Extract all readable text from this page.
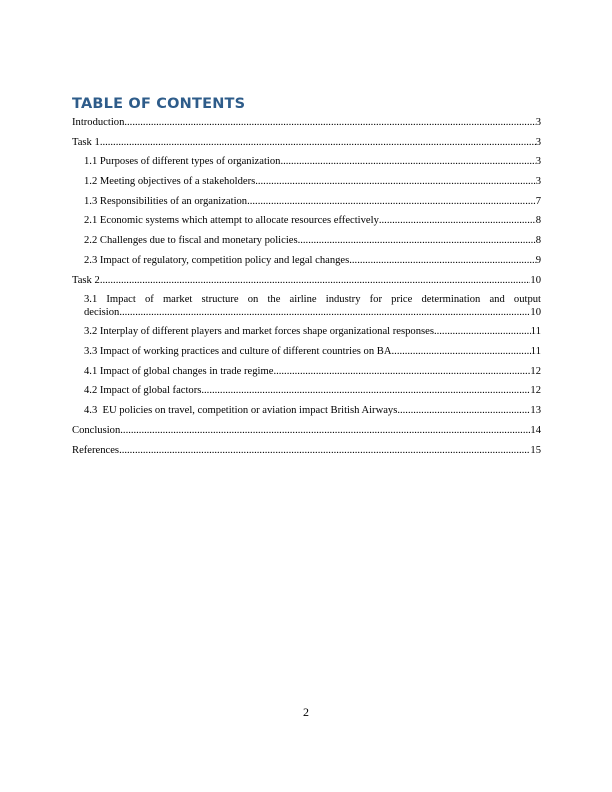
TABLE OF CONTENTS
Introduction .....	3
Task 1 .....	3
1.1 Purposes of different types of organization .....	3
1.2 Meeting objectives of a stakeholders .....	3
1.3 Responsibilities of an organization .....	7
2.1 Economic systems which attempt to allocate resources effectively .....	8
2.2 Challenges due to fiscal and monetary policies .....	8
2.3 Impact of regulatory, competition policy and legal changes .....	9
Task 2 .....	10
3.1 Impact of market structure on the airline industry for price determination and output
decision .....	10
3.2 Interplay of different players and market forces shape organizational responses .....	11
3.3 Impact of working practices and culture of different countries on BA .....	11
4.1 Impact of global changes in trade regime .....	12
4.2 Impact of global factors .....	12
4.3  EU policies on travel, competition or aviation impact British Airways .....	13
Conclusion .....	14
References .....	15
2
